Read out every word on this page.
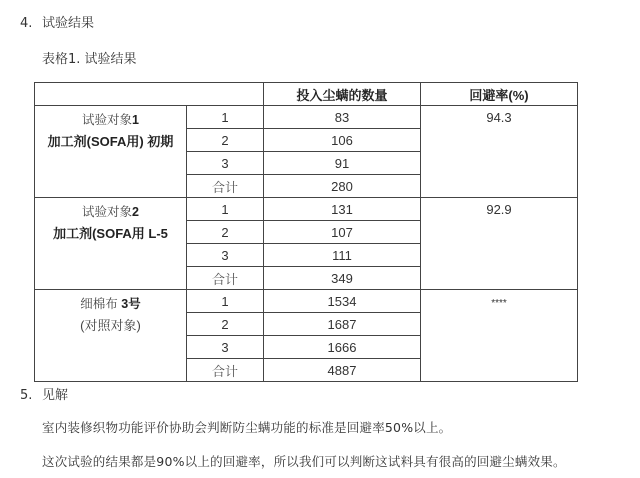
4. 试验结果
表格1. 试验结果
		投入尘螨的数量	回避率(%)

试验对象1
加工剂(SOFA用) 初期	1	83	94.3
	2	106	
	3	91	
	合计	280	

试验对象2
加工剂(SOFA用 L-5	1	131	92.9
	2	107	
	3	111	
	合计	349	

细棉布 3号
(对照对象)	1	1534	****
	2	1687	
	3	1666	
	合计	4887	
5. 见解
室内装修织物功能评价协助会判断防尘螨功能的标准是回避率50%以上。
这次试验的结果都是90%以上的回避率，所以我们可以判断这试料具有很高的回避尘螨效果。
